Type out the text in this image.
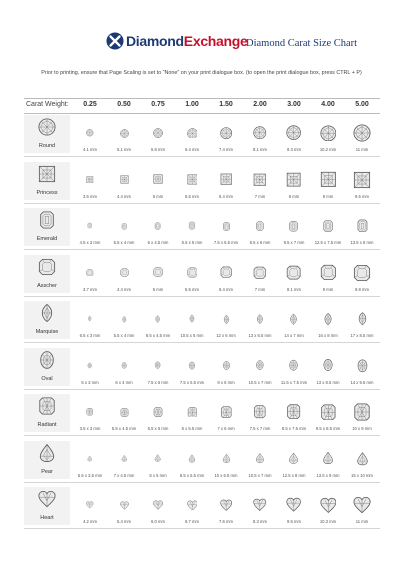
DiamondExchange
Diamond Carat Size Chart
Prior to printing, ensure that Page Scaling is set to "None" on your print dialogue box. (to open the print dialogue box, press CTRL + P)
Carat Weight:	0.25	0.50	0.75	1.00	1.50	2.00	3.00	4.00	5.00
Round
4.1 mm	5.1 mm	5.8 mm	6.4 mm	7.4 mm	8.1 mm	9.3 mm	10.2 mm	11 mm
Princess
3.5 mm	4.4 mm	5 mm	5.5 mm	6.4 mm	7 mm	8 mm	9 mm	9.5 mm
Emerald
4.5 x 3 mm	5.5 x 4 mm	6 x 4.5 mm	6.5 x 5 mm	7.5 x 5.5 mm	8.5 x 6 mm	9.5 x 7 mm	12.5 x 7.5 mm	13.5 x 8 mm
Asscher
3.7 mm	4.4 mm	5 mm	5.5 mm	6.4 mm	7 mm	8.1 mm	9 mm	9.8 mm
Marquise
6.5 x 3 mm	5.5 x 4 mm	8.5 x 4.5 mm	10.5 x 5 mm	12 x 6 mm	13 x 6.5 mm	14 x 7 mm	16 x 8 mm	17 x 8.5 mm
Oval
5 x 3 mm	6 x 4 mm	7.5 x 5 mm	7.5 x 5.5 mm	9 x 6 mm	10.5 x 7 mm	11.5 x 7.5 mm	13 x 8.5 mm	14 x 9.5 mm
Radiant
3.5 x 3 mm	5.5 x 4.5 mm	5.5 x 5 mm	6 x 5.5 mm	7 x 6 mm	7.5 x 7 mm	8.5 x 7.5 mm	9.5 x 8.5 mm	10 x 9 mm
Pear
5.5 x 3.5 mm	7 x 4.5 mm	8 x 5 mm	8.5 x 5.5 mm	10 x 6.5 mm	10.5 x 7 mm	12.5 x 8 mm	13.5 x 9 mm	15 x 10 mm
Heart
4.2 mm	5.4 mm	6.0 mm	6.7 mm	7.6 mm	8.3 mm	9.5 mm	10.3 mm	11 mm
